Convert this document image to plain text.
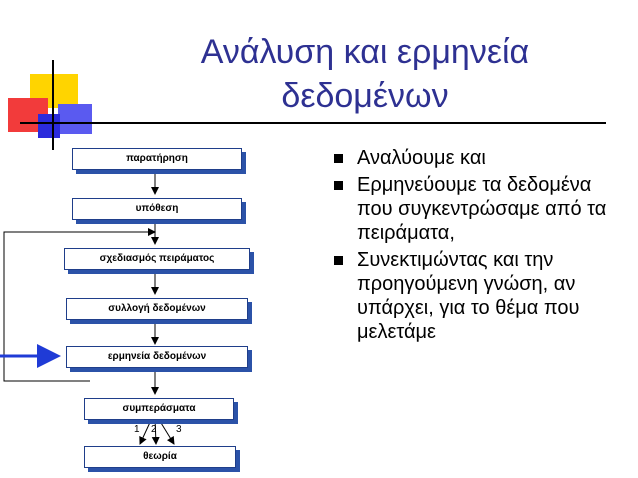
Ανάλυση και ερμηνεία δεδομένων
παρατήρηση
υπόθεση
σχεδιασμός πειράματος
συλλογή δεδομένων
ερμηνεία δεδομένων
συμπεράσματα
θεωρία
1 2 3
Αναλύουμε και
Ερμηνεύουμε τα δεδομένα που συγκεντρώσαμε από τα πειράματα,
Συνεκτιμώντας και την προηγούμενη γνώση, αν υπάρχει, για το θέμα που μελετάμε
